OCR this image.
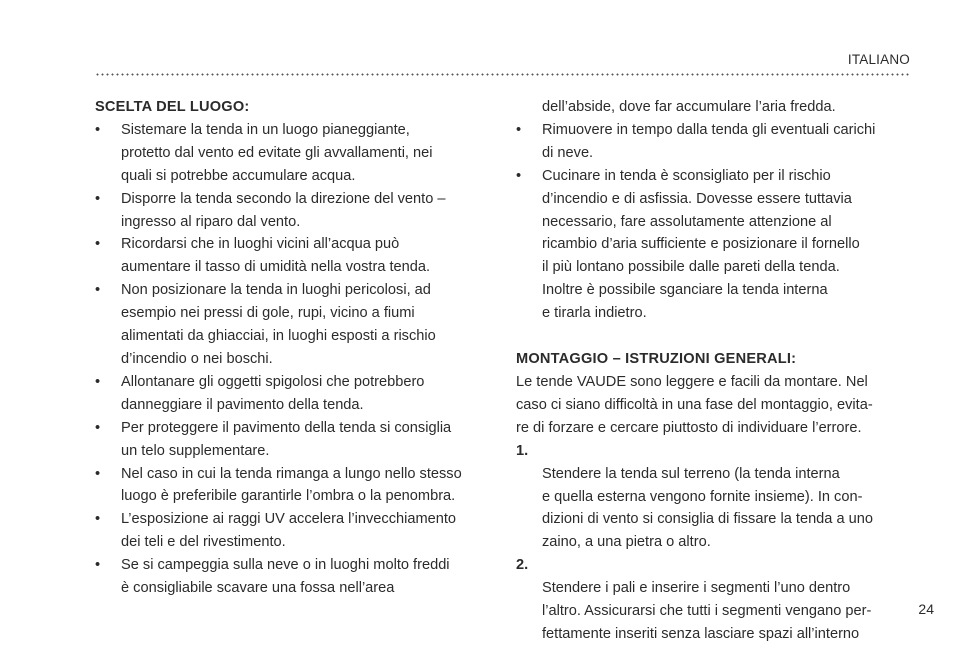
ITALIANO
SCELTA DEL LUOGO:
• Sistemare la tenda in un luogo pianeggiante,
protetto dal vento ed evitate gli avvallamenti, nei
quali si potrebbe accumulare acqua.
• Disporre la tenda secondo la direzione del vento –
ingresso al riparo dal vento.
• Ricordarsi che in luoghi vicini all’acqua può
aumentare il tasso di umidità nella vostra tenda.
• Non posizionare la tenda in luoghi pericolosi, ad
esempio nei pressi di gole, rupi, vicino a fiumi
alimentati da ghiacciai, in luoghi esposti a rischio
d’incendio o nei boschi.
• Allontanare gli oggetti spigolosi che potrebbero
danneggiare il pavimento della tenda.
• Per proteggere il pavimento della tenda si consiglia
un telo supplementare.
• Nel caso in cui la tenda rimanga a lungo nello stesso
luogo è preferibile garantirle l’ombra o la penombra.
• L’esposizione ai raggi UV accelera l’invecchiamento
dei teli e del rivestimento.
• Se si campeggia sulla neve o in luoghi molto freddi
è consigliabile scavare una fossa nell’area
dell’abside, dove far accumulare l’aria fredda.
• Rimuovere in tempo dalla tenda gli eventuali carichi
di neve.
• Cucinare in tenda è sconsigliato per il rischio
d’incendio e di asfissia. Dovesse essere tuttavia
necessario, fare assolutamente attenzione al
ricambio d’aria sufficiente e posizionare il fornello
il più lontano possibile dalle pareti della tenda.
Inoltre è possibile sganciare la tenda interna
e tirarla indietro.
MONTAGGIO – ISTRUZIONI GENERALI:
Le tende VAUDE sono leggere e facili da montare. Nel
caso ci siano difficoltà in una fase del montaggio, evita-
re di forzare e cercare piuttosto di individuare l’errore.

1.
Stendere la tenda sul terreno (la tenda interna
e quella esterna vengono fornite insieme). In con-
dizioni di vento si consiglia di fissare la tenda a uno
zaino, a una pietra o altro.

2.
Stendere i pali e inserire i segmenti l’uno dentro
l’altro. Assicurarsi che tutti i segmenti vengano per-
fettamente inseriti senza lasciare spazi all’interno

24
